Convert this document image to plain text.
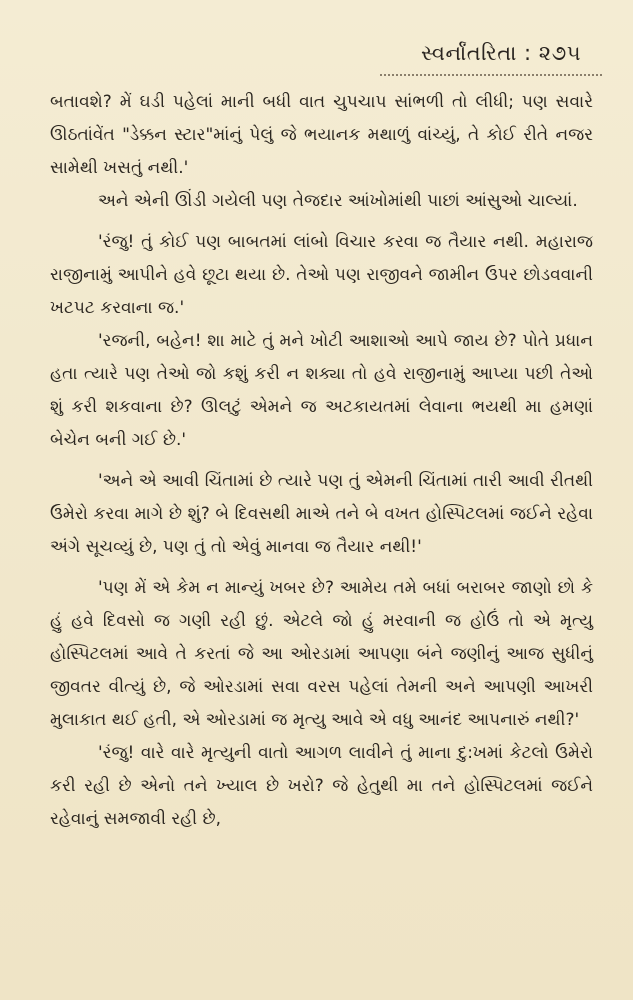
સ્વર્નાંતરિતા : ૨૭૫

બતાવશે? મેં ઘડી પહેલાં માની બધી વાત ચુપચાપ સાંભળી તો લીધી; પણ સવારે ઊઠતાંવેંત "ડેક્કન સ્ટાર"માંનું પેલું જે ભયાનક મથાળું વાંચ્યું, તે કોઈ રીતે નજર સામેથી ખસતું નથી.'

અને એની ઊંડી ગયેલી પણ તેજદાર આંખોમાંથી પાછાં આંસુઓ ચાલ્યાં.

'રંજુ! તું કોઈ પણ બાબતમાં લાંબો વિચાર કરવા જ તૈયાર નથી. મહારાજ રાજીનામું આપીને હવે છૂટા થયા છે. તેઓ પણ રાજીવને જામીન ઉપર છોડવવાની ખટપટ કરવાના જ.'

'રજની, બહેન! શા માટે તું મને ખોટી આશાઓ આપે જાય છે? પોતે પ્રધાન હતા ત્યારે પણ તેઓ જો કશું કરી ન શક્યા તો હવે રાજીનામું આપ્યા પછી તેઓ શું કરી શકવાના છે? ઊલટું એમને જ અટકાયતમાં લેવાના ભયથી મા હમણાં બેચેન બની ગઈ છે.'

'અને એ આવી ચિંતામાં છે ત્યારે પણ તું એમની ચિંતામાં તારી આવી રીતથી ઉમેરો કરવા માગે છે શું? બે દિવસથી માએ તને બે વખત હોસ્પિટલમાં જઈને રહેવા અંગે સૂચવ્યું છે, પણ તું તો એવું માનવા જ તૈયાર નથી!'

'પણ મેં એ કેમ ન માન્યું ખબર છે? આમેય તમે બધાં બરાબર જાણો છો કે હું હવે દિવસો જ ગણી રહી છું. એટલે જો હું મરવાની જ હોઉં તો એ મૃત્યુ હોસ્પિટલમાં આવે તે કરતાં જે આ ઓરડામાં આપણા બંને જણીનું આજ સુધીનું જીવતર વીત્યું છે, જે ઓરડામાં સવા વરસ પહેલાં તેમની અને આપણી આખરી મુલાકાત થઈ હતી, એ ઓરડામાં જ મૃત્યુ આવે એ વધુ આનંદ આપનારું નથી?'

'રંજુ! વારે વારે મૃત્યુની વાતો આગળ લાવીને તું માના દુ:ખમાં કેટલો ઉમેરો કરી રહી છે એનો તને ખ્યાલ છે ખરો? જે હેતુથી મા તને હોસ્પિટલમાં જઈને રહેવાનું સમજાવી રહી છે,
